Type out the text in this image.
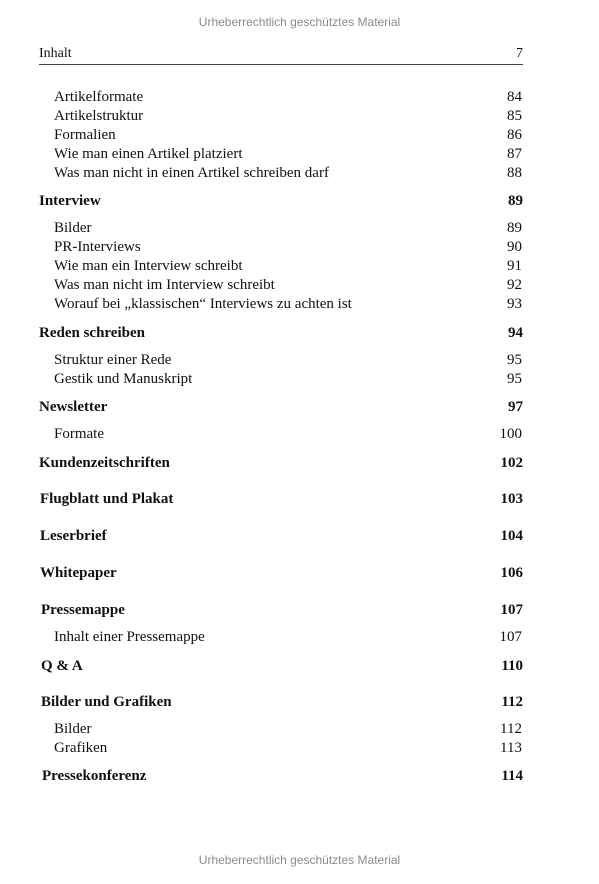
Urheberrechtlich geschütztes Material
Inhalt	7
Artikelformate	84
Artikelstruktur	85
Formalien	86
Wie man einen Artikel platziert	87
Was man nicht in einen Artikel schreiben darf	88
Interview	89
Bilder	89
PR-Interviews	90
Wie man ein Interview schreibt	91
Was man nicht im Interview schreibt	92
Worauf bei „klassischen“ Interviews zu achten ist	93
Reden schreiben	94
Struktur einer Rede	95
Gestik und Manuskript	95
Newsletter	97
Formate	100
Kundenzeitschriften	102
Flugblatt und Plakat	103
Leserbrief	104
Whitepaper	106
Pressemappe	107
Inhalt einer Pressemappe	107
Q & A	110
Bilder und Grafiken	112
Bilder	112
Grafiken	113
Pressekonferenz	114
Urheberrechtlich geschütztes Material
